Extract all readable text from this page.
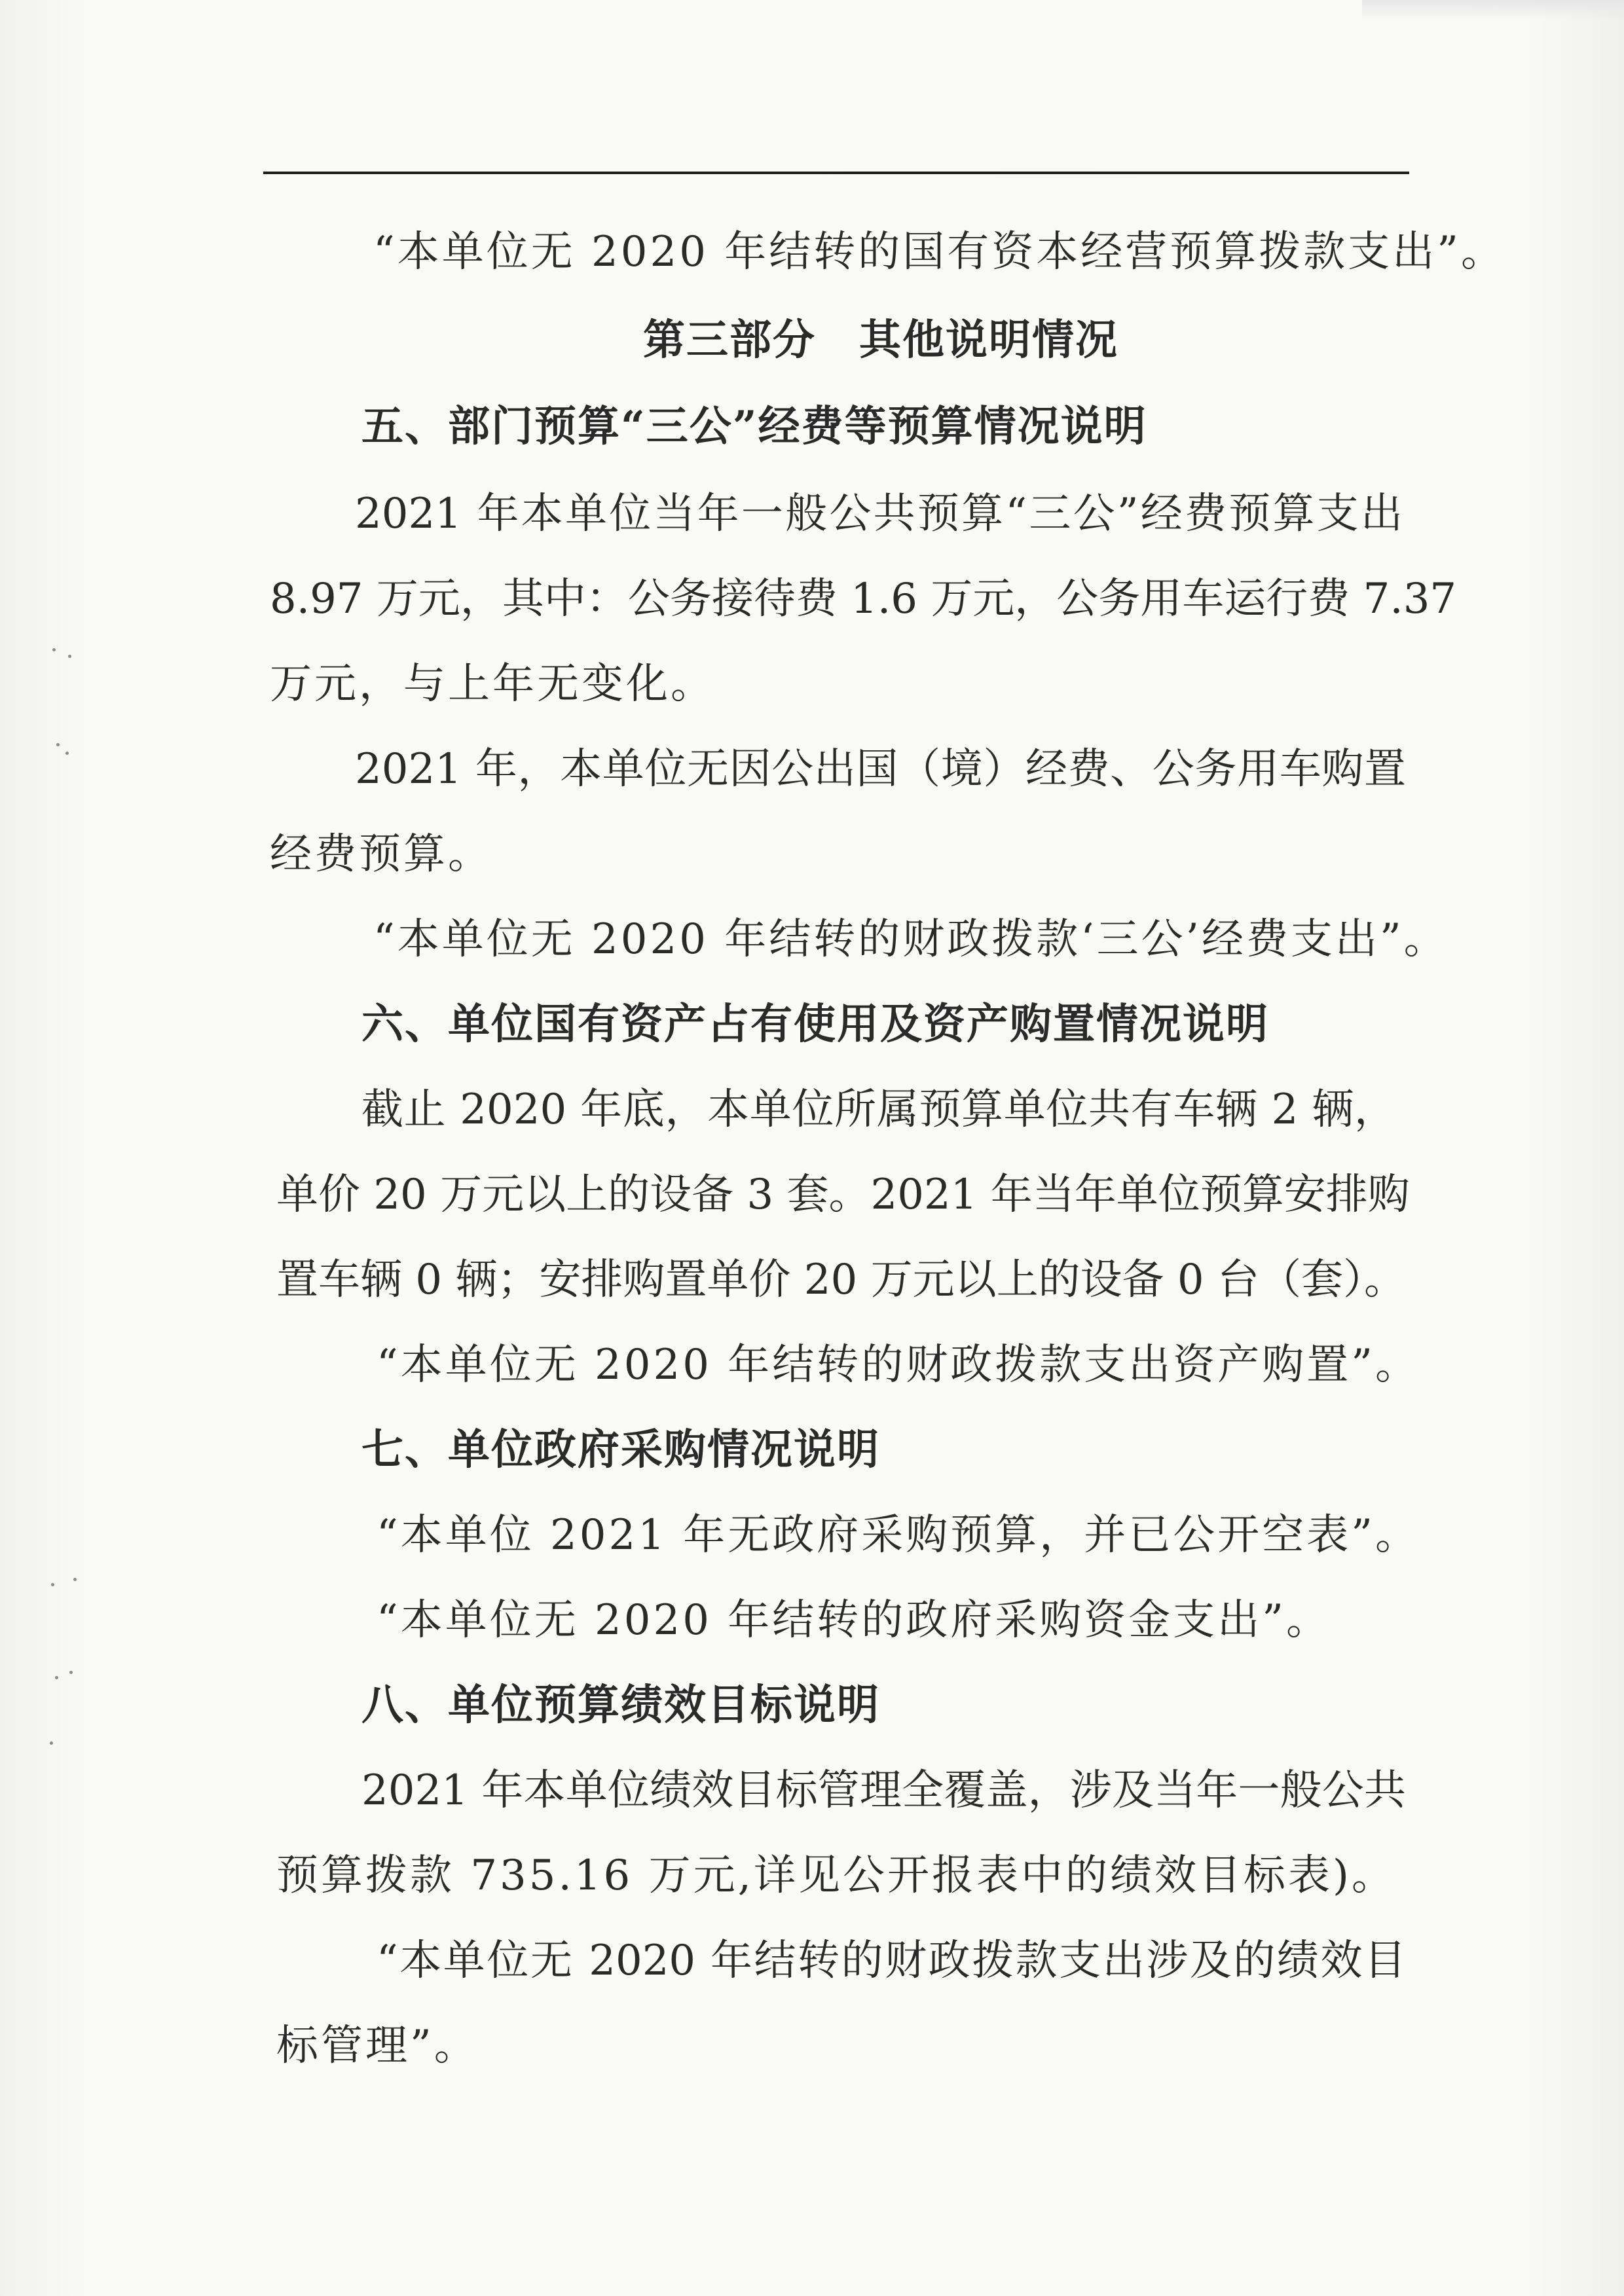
“本单位无 2020 年结转的国有资本经营预算拨款支出”。
第三部分　其他说明情况
五、部门预算“三公”经费等预算情况说明
2021 年本单位当年一般公共预算“三公”经费预算支出
8.97 万元，其中：公务接待费 1.6 万元，公务用车运行费 7.37
万元，与上年无变化。
2021 年，本单位无因公出国（境）经费、公务用车购置
经费预算。
“本单位无 2020 年结转的财政拨款‘三公’经费支出”。
六、单位国有资产占有使用及资产购置情况说明
截止 2020 年底，本单位所属预算单位共有车辆 2 辆，
单价 20 万元以上的设备 3 套。2021 年当年单位预算安排购
置车辆 0 辆；安排购置单价 20 万元以上的设备 0 台（套）。
“本单位无 2020 年结转的财政拨款支出资产购置”。
七、单位政府采购情况说明
“本单位 2021 年无政府采购预算，并已公开空表”。
“本单位无 2020 年结转的政府采购资金支出”。
八、单位预算绩效目标说明
2021 年本单位绩效目标管理全覆盖，涉及当年一般公共
预算拨款 735.16 万元,详见公开报表中的绩效目标表)。
“本单位无 2020 年结转的财政拨款支出涉及的绩效目
标管理”。
